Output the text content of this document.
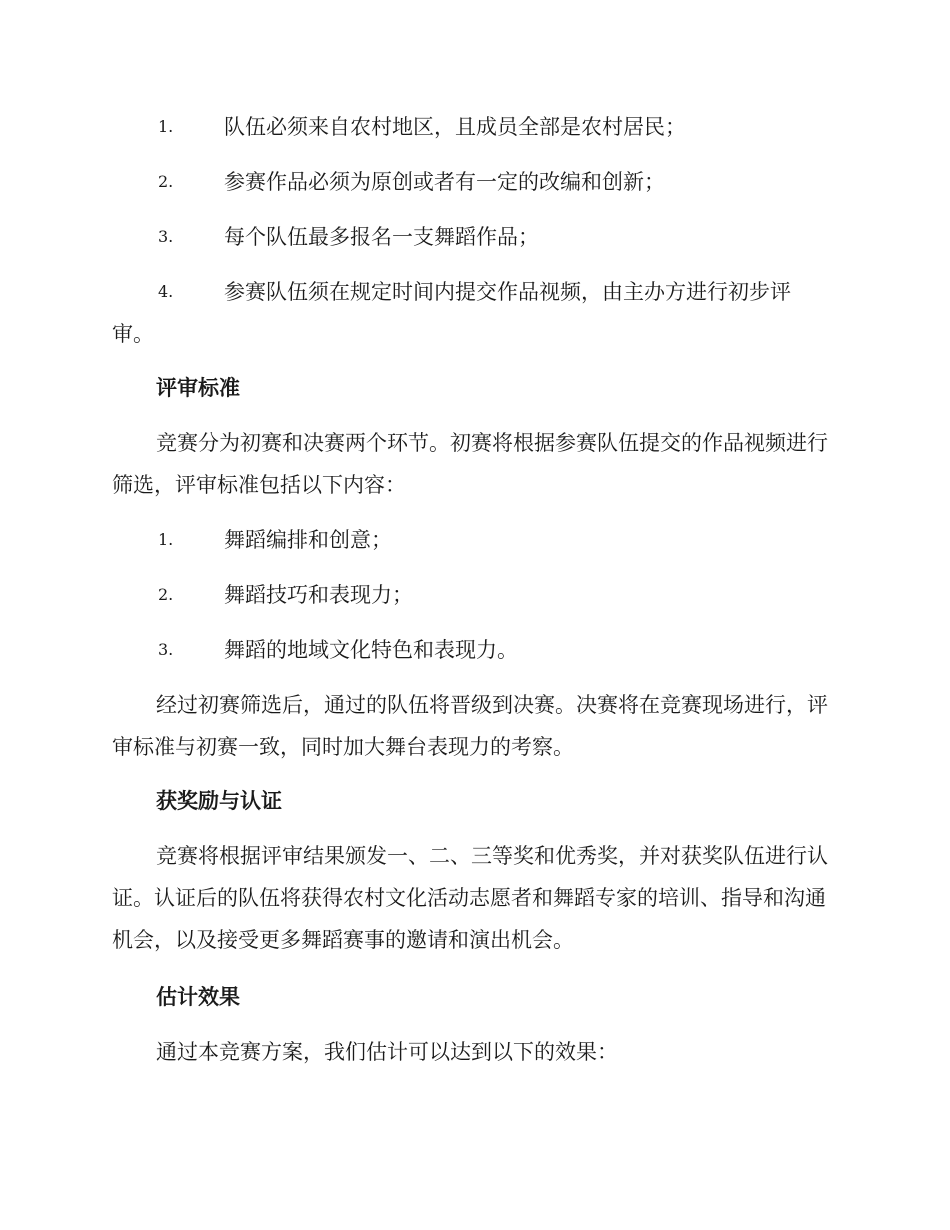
1. 队伍必须来自农村地区，且成员全部是农村居民；
2. 参赛作品必须为原创或者有一定的改编和创新；
3. 每个队伍最多报名一支舞蹈作品；
4.	参赛队伍须在规定时间内提交作品视频，由主办方进行初步评审。
评审标准
竞赛分为初赛和决赛两个环节。初赛将根据参赛队伍提交的作品视频进行筛选，评审标准包括以下内容：
1. 舞蹈编排和创意；
2. 舞蹈技巧和表现力；
3. 舞蹈的地域文化特色和表现力。
经过初赛筛选后，通过的队伍将晋级到决赛。决赛将在竞赛现场进行，评审标准与初赛一致，同时加大舞台表现力的考察。
获奖励与认证
竞赛将根据评审结果颁发一、二、三等奖和优秀奖，并对获奖队伍进行认证。认证后的队伍将获得农村文化活动志愿者和舞蹈专家的培训、指导和沟通机会，以及接受更多舞蹈赛事的邀请和演出机会。
估计效果
通过本竞赛方案，我们估计可以达到以下的效果：
